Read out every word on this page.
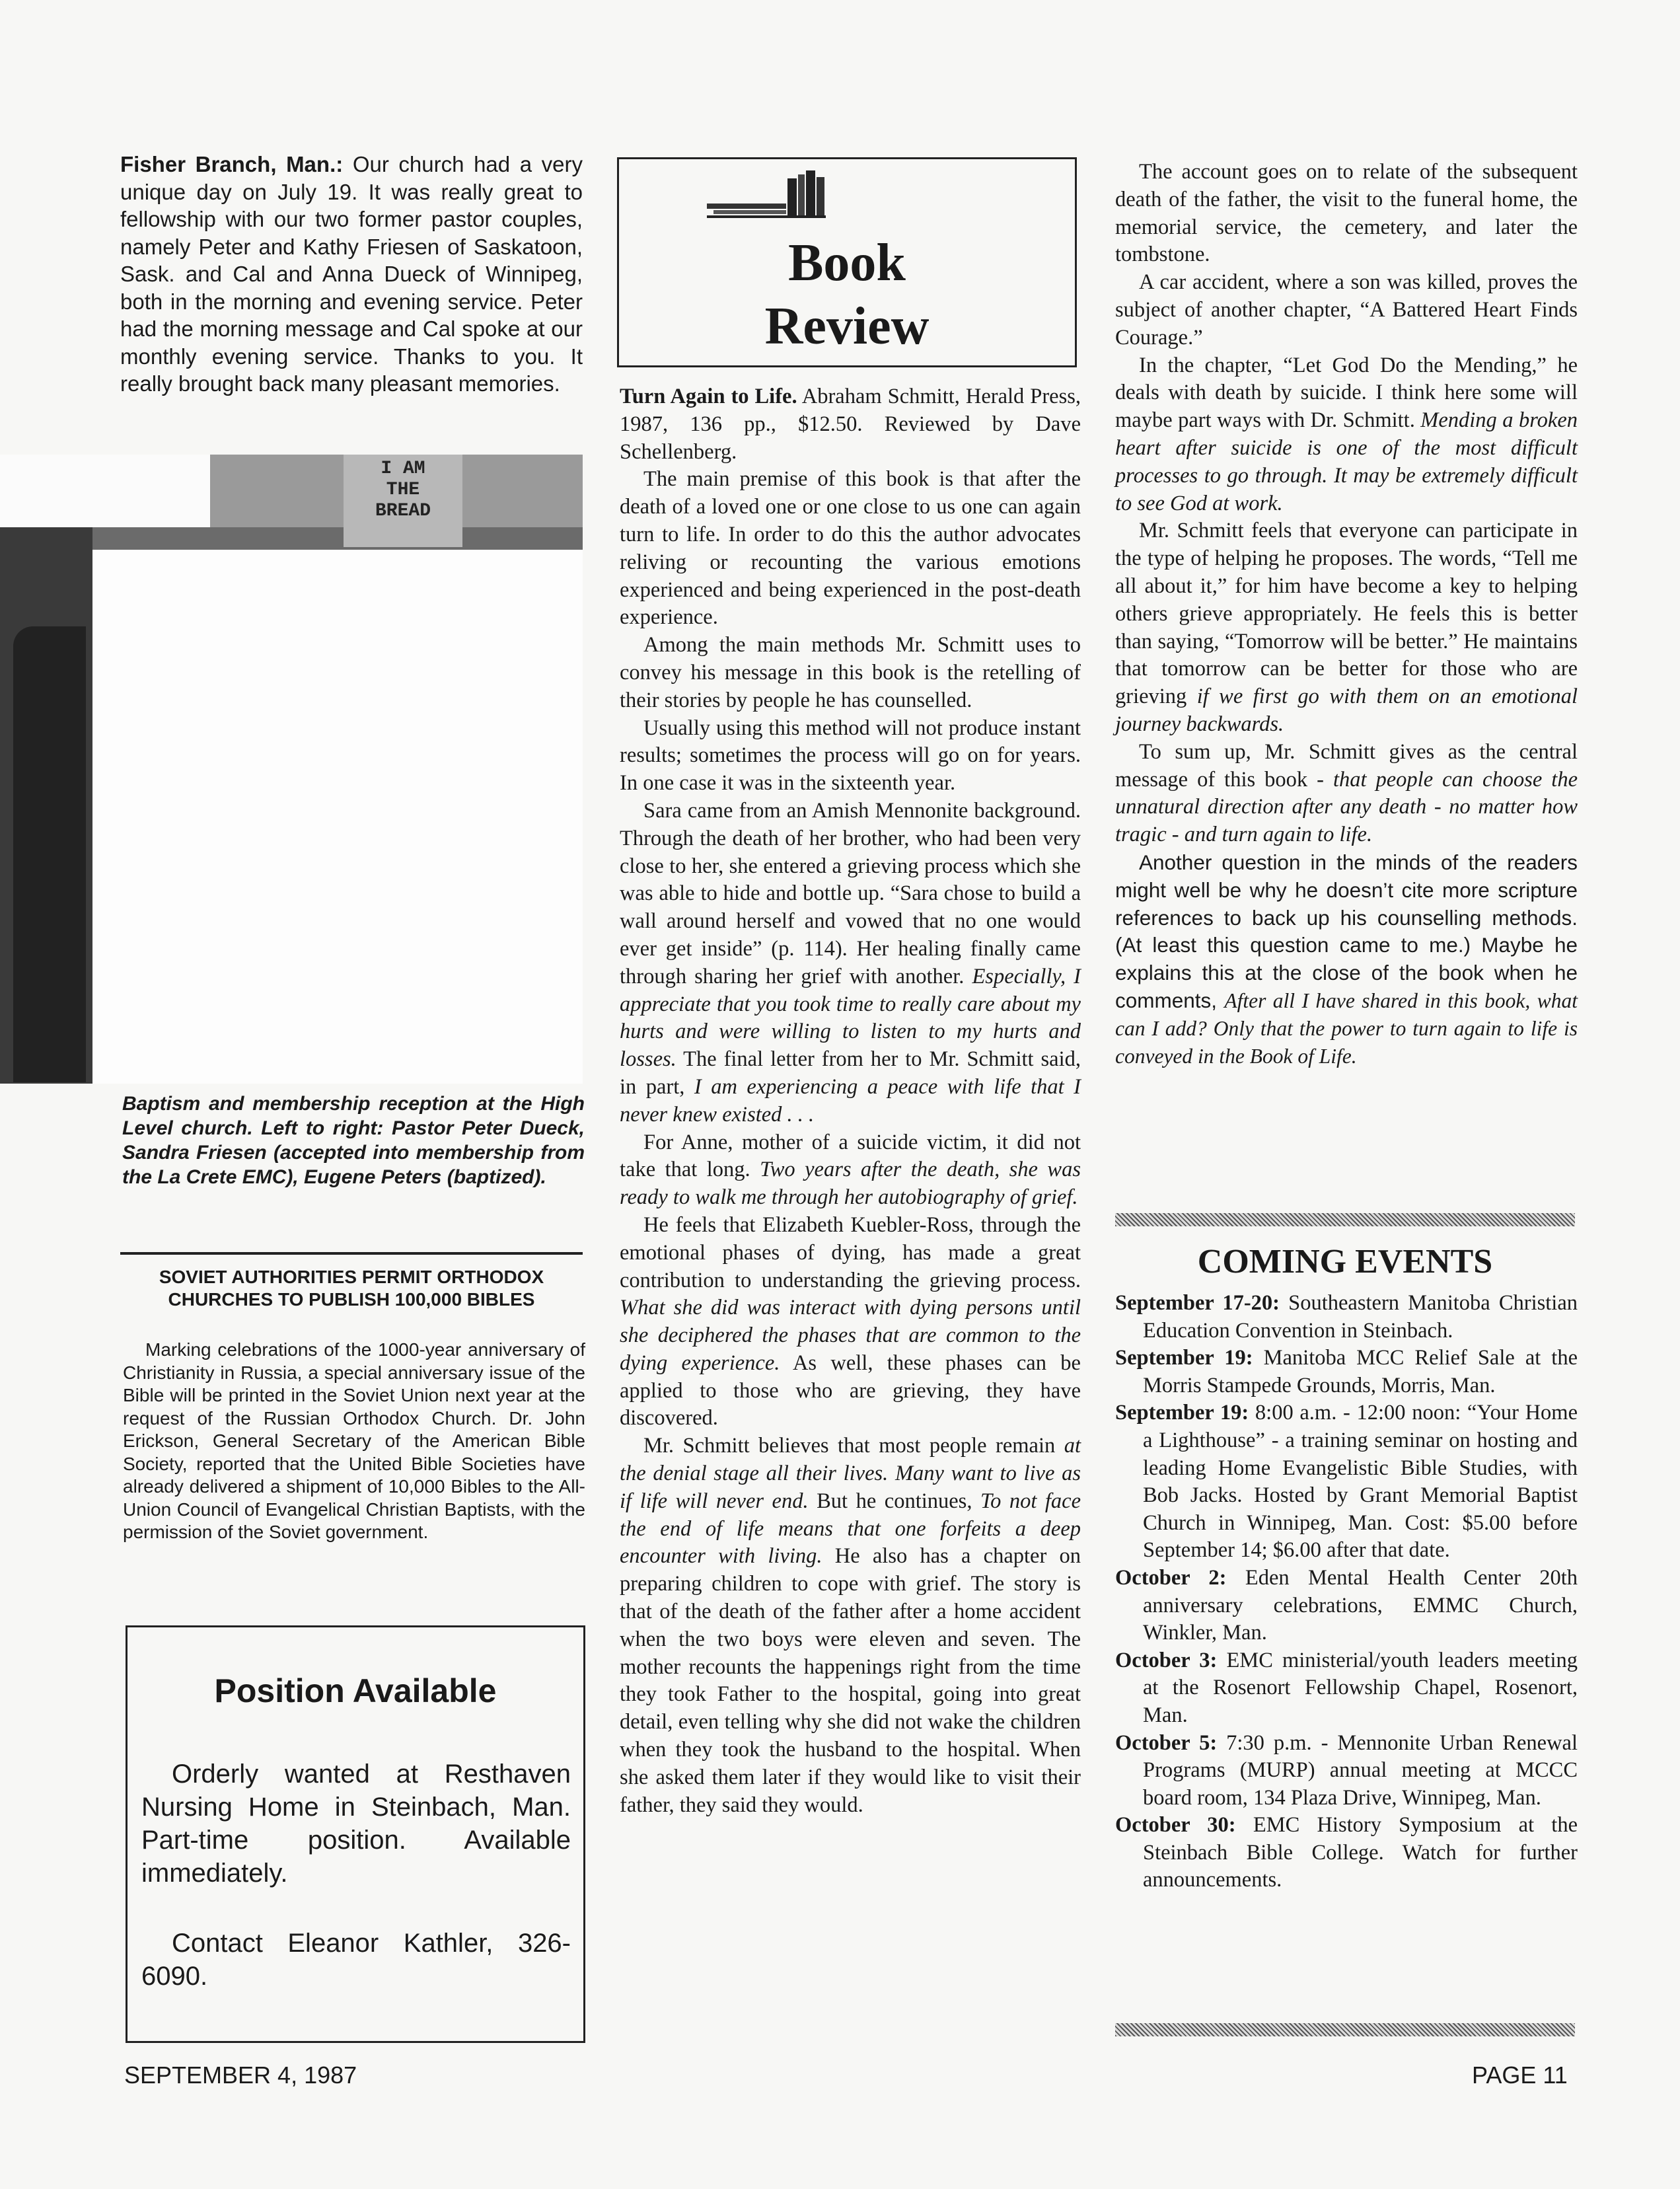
Fisher Branch, Man.: Our church had a very unique day on July 19. It was really great to fellowship with our two former pastor couples, namely Peter and Kathy Friesen of Saskatoon, Sask. and Cal and Anna Dueck of Winnipeg, both in the morning and evening service. Peter had the morning message and Cal spoke at our monthly evening service. Thanks to you. It really brought back many pleasant memories.

I AM
THE
BREAD
Baptism and membership reception at the High Level church. Left to right: Pastor Peter Dueck, Sandra Friesen (accepted into membership from the La Crete EMC), Eugene Peters (baptized).
SOVIET AUTHORITIES PERMIT ORTHODOX CHURCHES TO PUBLISH 100,000 BIBLES
Marking celebrations of the 1000-year anniversary of Christianity in Russia, a special anniversary issue of the Bible will be printed in the Soviet Union next year at the request of the Russian Orthodox Church. Dr. John Erickson, General Secretary of the American Bible Society, reported that the United Bible Societies have already delivered a shipment of 10,000 Bibles to the All-Union Council of Evangelical Christian Baptists, with the permission of the Soviet government.
Position Available

Orderly wanted at Resthaven Nursing Home in Steinbach, Man. Part-time position. Available immediately.

Contact Eleanor Kathler, 326-6090.
SEPTEMBER 4, 1987	PAGE 11
Book
Review

Turn Again to Life. Abraham Schmitt, Herald Press, 1987, 136 pp., $12.50. Reviewed by Dave Schellenberg.

The main premise of this book is that after the death of a loved one or one close to us one can again turn to life. In order to do this the author advocates reliving or recounting the various emotions experienced and being experienced in the post-death experience.

Among the main methods Mr. Schmitt uses to convey his message in this book is the retelling of their stories by people he has counselled.

Usually using this method will not produce instant results; sometimes the process will go on for years. In one case it was in the sixteenth year.

Sara came from an Amish Mennonite background. Through the death of her brother, who had been very close to her, she entered a grieving process which she was able to hide and bottle up. “Sara chose to build a wall around herself and vowed that no one would ever get inside” (p. 114). Her healing finally came through sharing her grief with another. Especially, I appreciate that you took time to really care about my hurts and were willing to listen to my hurts and losses. The final letter from her to Mr. Schmitt said, in part, I am experiencing a peace with life that I never knew existed . . .

For Anne, mother of a suicide victim, it did not take that long. Two years after the death, she was ready to walk me through her autobiography of grief.

He feels that Elizabeth Kuebler-Ross, through the emotional phases of dying, has made a great contribution to understanding the grieving process. What she did was interact with dying persons until she deciphered the phases that are common to the dying experience. As well, these phases can be applied to those who are grieving, they have discovered.

Mr. Schmitt believes that most people remain at the denial stage all their lives. Many want to live as if life will never end. But he continues, To not face the end of life means that one forfeits a deep encounter with living. He also has a chapter on preparing children to cope with grief. The story is that of the death of the father after a home accident when the two boys were eleven and seven. The mother recounts the happenings right from the time they took Father to the hospital, going into great detail, even telling why she did not wake the children when they took the husband to the hospital. When she asked them later if they would like to visit their father, they said they would.

The account goes on to relate of the subsequent death of the father, the visit to the funeral home, the memorial service, the cemetery, and later the tombstone.

A car accident, where a son was killed, proves the subject of another chapter, “A Battered Heart Finds Courage.”

In the chapter, “Let God Do the Mending,” he deals with death by suicide. I think here some will maybe part ways with Dr. Schmitt. Mending a broken heart after suicide is one of the most difficult processes to go through. It may be extremely difficult to see God at work.

Mr. Schmitt feels that everyone can participate in the type of helping he proposes. The words, “Tell me all about it,” for him have become a key to helping others grieve appropriately. He feels this is better than saying, “Tomorrow will be better.” He maintains that tomorrow can be better for those who are grieving if we first go with them on an emotional journey backwards.

To sum up, Mr. Schmitt gives as the central message of this book - that people can choose the unnatural direction after any death - no matter how tragic - and turn again to life.

Another question in the minds of the readers might well be why he doesn’t cite more scripture references to back up his counselling methods. (At least this question came to me.) Maybe he explains this at the close of the book when he comments, After all I have shared in this book, what can I add? Only that the power to turn again to life is conveyed in the Book of Life.

COMING EVENTS
September 17-20: Southeastern Manitoba Christian Education Convention in Steinbach.
September 19: Manitoba MCC Relief Sale at the Morris Stampede Grounds, Morris, Man.
September 19: 8:00 a.m. - 12:00 noon: “Your Home a Lighthouse” - a training seminar on hosting and leading Home Evangelistic Bible Studies, with Bob Jacks. Hosted by Grant Memorial Baptist Church in Winnipeg, Man. Cost: $5.00 before September 14; $6.00 after that date.
October 2: Eden Mental Health Center 20th anniversary celebrations, EMMC Church, Winkler, Man.
October 3: EMC ministerial/youth leaders meeting at the Rosenort Fellowship Chapel, Rosenort, Man.
October 5: 7:30 p.m. - Mennonite Urban Renewal Programs (MURP) annual meeting at MCCC board room, 134 Plaza Drive, Winnipeg, Man.
October 30: EMC History Symposium at the Steinbach Bible College. Watch for further announcements.
